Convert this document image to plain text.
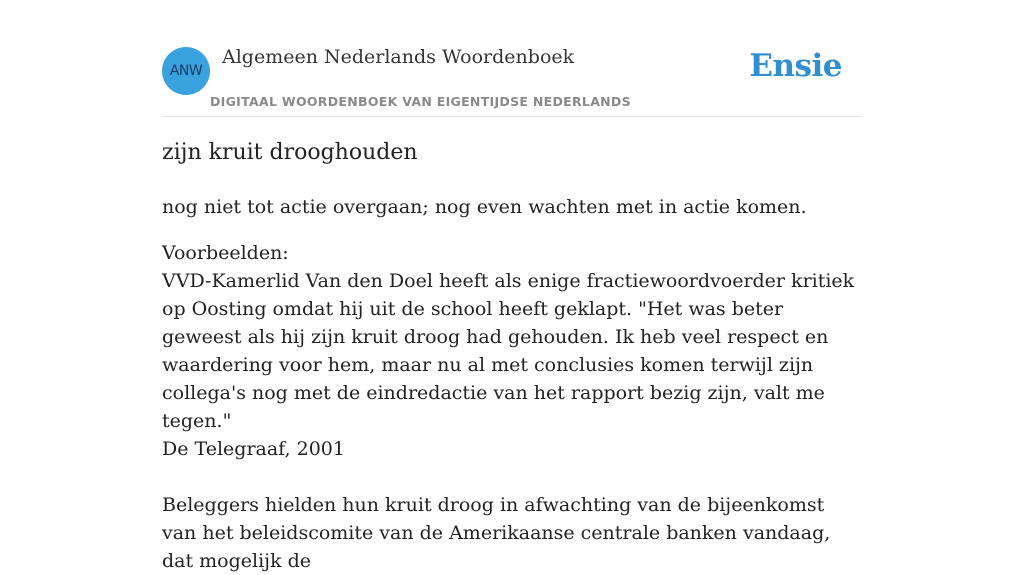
ANW
Algemeen Nederlands Woordenboek
DIGITAAL WOORDENBOEK VAN EIGENTIJDSE NEDERLANDS
Ensie
zijn kruit drooghouden
nog niet tot actie overgaan; nog even wachten met in actie komen.
Voorbeelden:
VVD-Kamerlid Van den Doel heeft als enige fractiewoordvoerder kritiek op Oosting omdat hij uit de school heeft geklapt. "Het was beter geweest als hij zijn kruit droog had gehouden. Ik heb veel respect en waardering voor hem, maar nu al met conclusies komen terwijl zijn collega's nog met de eindredactie van het rapport bezig zijn, valt me tegen."
De Telegraaf, 2001
Beleggers hielden hun kruit droog in afwachting van de bijeenkomst van het beleidscomite van de Amerikaanse centrale banken vandaag, dat mogelijk de
